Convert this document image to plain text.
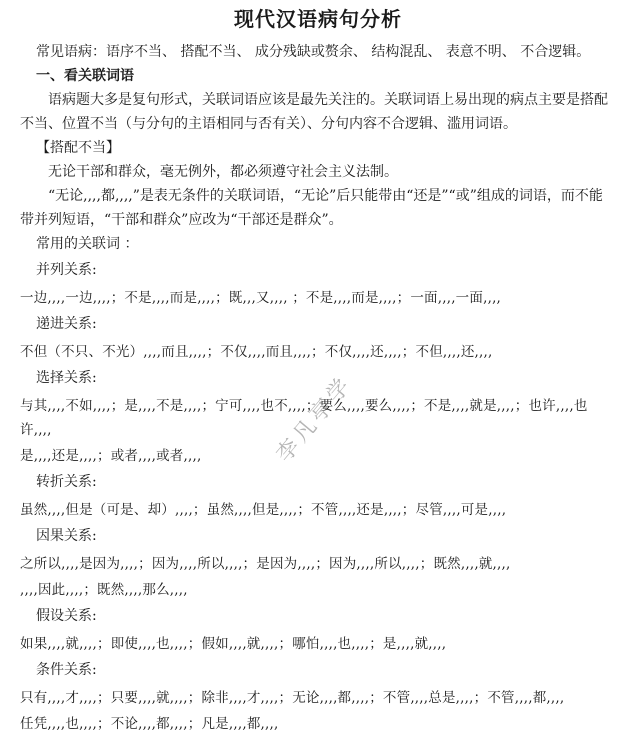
现代汉语病句分析

常见语病：语序不当、 搭配不当、 成分残缺或赘余、 结构混乱、 表意不明、 不合逻辑。

一、看关联词语

语病题大多是复句形式，关联词语应该是最先关注的。关联词语上易出现的病点主要是搭配不当、位置不当（与分句的主语相同与否有关）、分句内容不合逻辑、滥用词语。

【搭配不当】

无论干部和群众，毫无例外，都必须遵守社会主义法制。

“无论,,,,都,,,,”是表无条件的关联词语，“无论”后只能带由“还是”“或”组成的词语，而不能带并列短语，“干部和群众”应改为“干部还是群众”。

常用的关联词 ：

并列关系:

一边,,,,一边,,,,；不是,,,,而是,,,,；既,,,又,,,, ；不是,,,,而是,,,,；一面,,,,一面,,,,

递进关系:

不但（不只、不光）,,,,而且,,,,；不仅,,,,而且,,,,；不仅,,,,还,,,,；不但,,,,还,,,,

选择关系:

与其,,,,不如,,,,；是,,,,不是,,,,；宁可,,,,也不,,,,；要么,,,,要么,,,,；不是,,,,就是,,,,；也许,,,,也许,,,,

是,,,,还是,,,,；或者,,,,或者,,,,

转折关系:

虽然,,,,但是（可是、却）,,,,；虽然,,,,但是,,,,；不管,,,,还是,,,,；尽管,,,,可是,,,,

因果关系:

之所以,,,,是因为,,,,；因为,,,,所以,,,,；是因为,,,,；因为,,,,所以,,,,；既然,,,,就,,,,

,,,,因此,,,,；既然,,,,那么,,,,

假设关系:

如果,,,,就,,,,；即使,,,,也,,,,；假如,,,,就,,,,；哪怕,,,,也,,,,；是,,,,就,,,,

条件关系:

只有,,,,才,,,,；只要,,,,就,,,,；除非,,,,才,,,,；无论,,,,都,,,,；不管,,,,总是,,,,；不管,,,,都,,,,

任凭,,,,也,,,,；不论,,,,都,,,,；凡是,,,,都,,,,

李凡亭学
